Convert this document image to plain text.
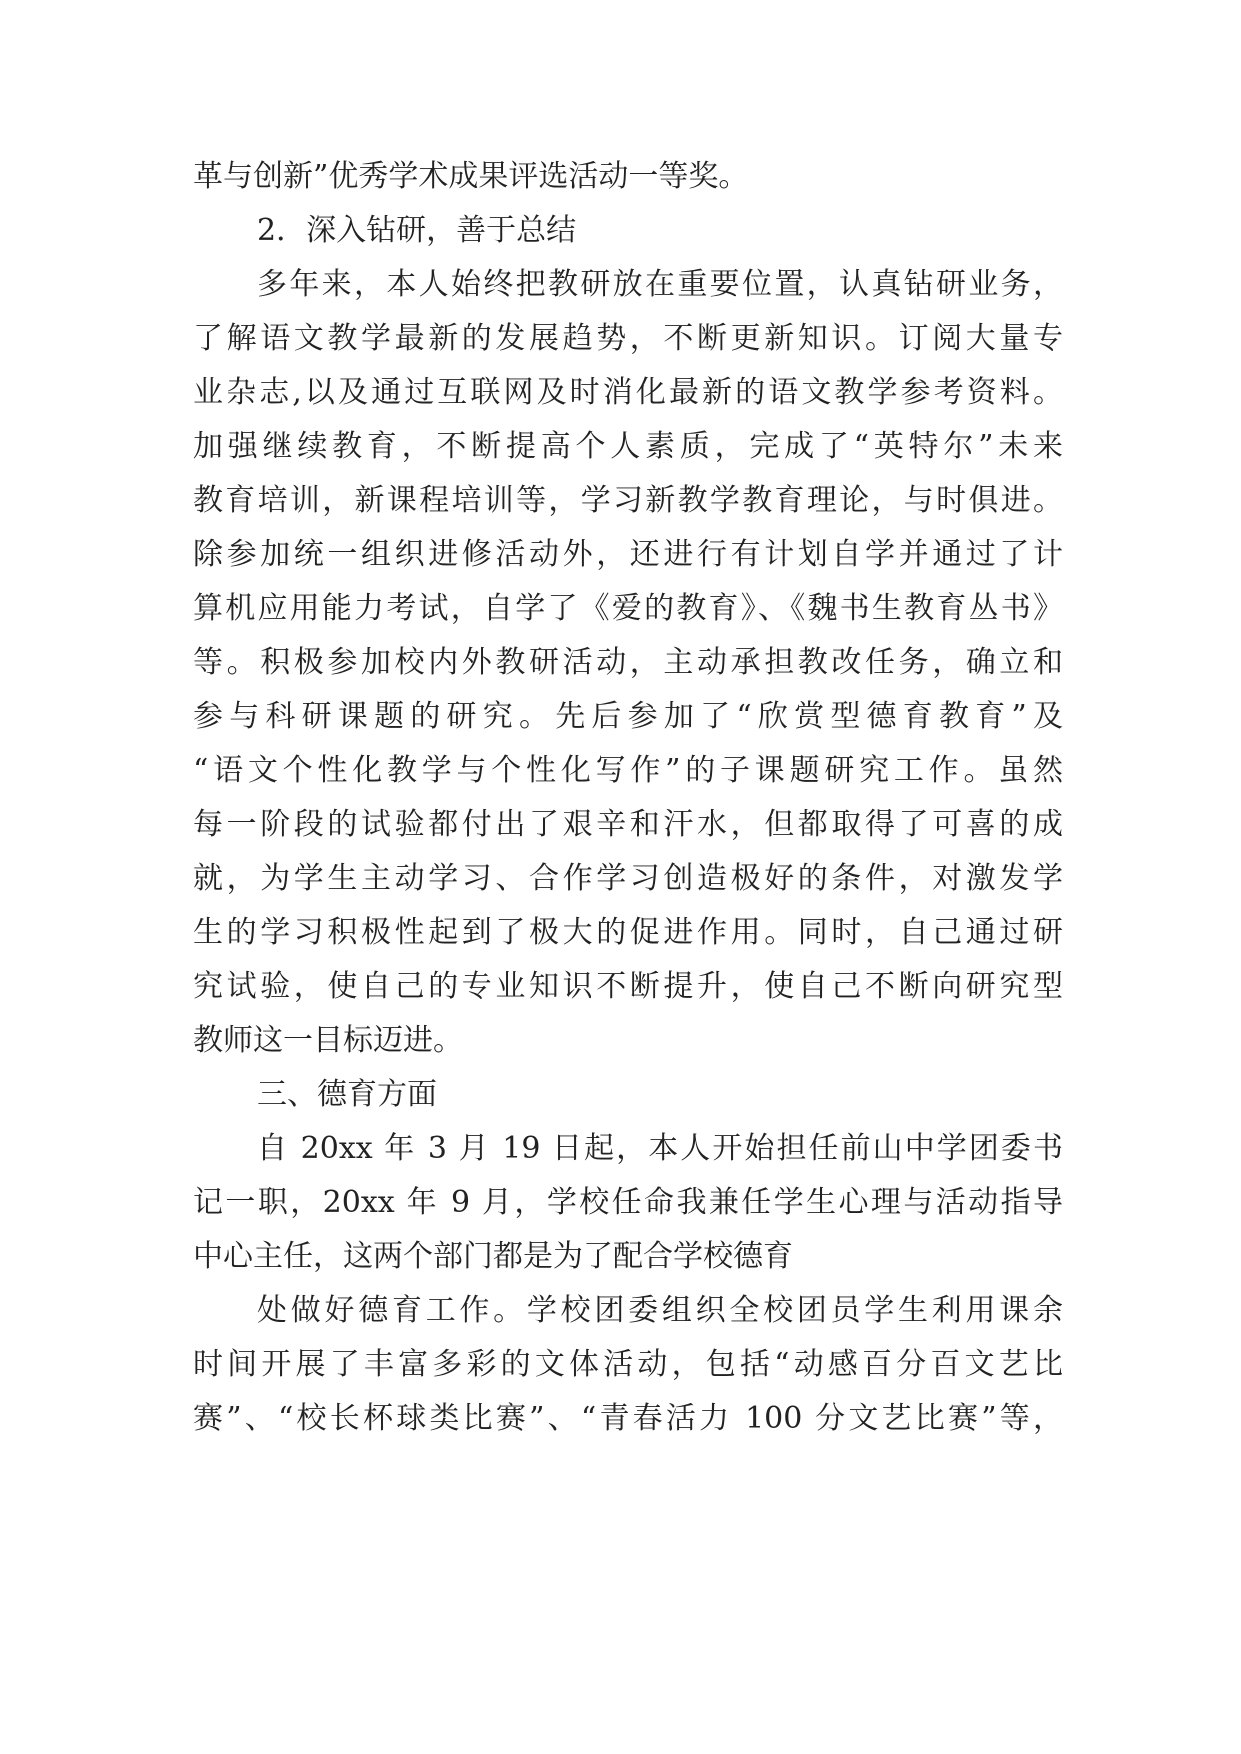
革与创新”优秀学术成果评选活动一等奖。
2．深入钻研，善于总结
多年来，本人始终把教研放在重要位置，认真钻研业务，
了解语文教学最新的发展趋势，不断更新知识。订阅大量专
业杂志,以及通过互联网及时消化最新的语文教学参考资料。
加强继续教育，不断提高个人素质，完成了“英特尔”未来
教育培训，新课程培训等，学习新教学教育理论，与时俱进。
除参加统一组织进修活动外，还进行有计划自学并通过了计
算机应用能力考试，自学了《爱的教育》、《魏书生教育丛书》
等。积极参加校内外教研活动，主动承担教改任务，确立和
参与科研课题的研究。先后参加了“欣赏型德育教育”及
“语文个性化教学与个性化写作”的子课题研究工作。虽然
每一阶段的试验都付出了艰辛和汗水，但都取得了可喜的成
就，为学生主动学习、合作学习创造极好的条件，对激发学
生的学习积极性起到了极大的促进作用。同时，自己通过研
究试验，使自己的专业知识不断提升，使自己不断向研究型
教师这一目标迈进。
三、德育方面
自 20xx 年 3 月 19 日起，本人开始担任前山中学团委书
记一职，20xx 年 9 月，学校任命我兼任学生心理与活动指导
中心主任，这两个部门都是为了配合学校德育
处做好德育工作。学校团委组织全校团员学生利用课余
时间开展了丰富多彩的文体活动，包括“动感百分百文艺比
赛”、“校长杯球类比赛”、“青春活力 100 分文艺比赛”等，
